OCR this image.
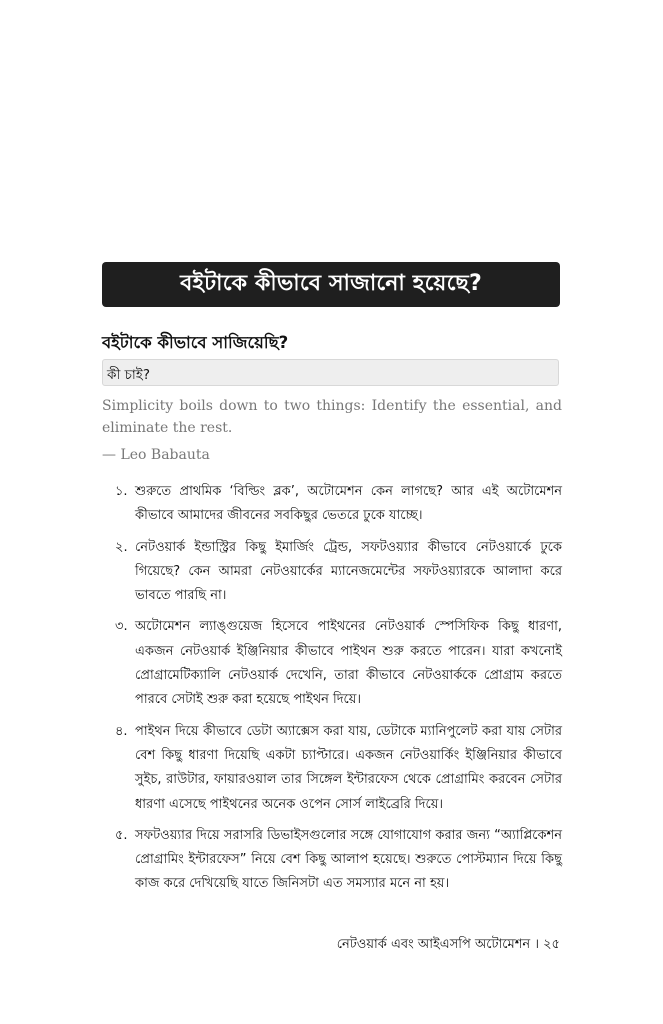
বইটাকে কীভাবে সাজানো হয়েছে?
বইটাকে কীভাবে সাজিয়েছি?
কী চাই?
Simplicity boils down to two things: Identify the essential, and eliminate the rest.
— Leo Babauta
১. শুরুতে প্রাথমিক ‘বিল্ডিং ব্লক’, অটোমেশন কেন লাগছে? আর এই অটোমেশন কীভাবে আমাদের জীবনের সবকিছুর ভেতরে ঢুকে যাচ্ছে।
২. নেটওয়ার্ক ইন্ডাস্ট্রির কিছু ইমার্জিং ট্রেন্ড, সফটওয়্যার কীভাবে নেটওয়ার্কে ঢুকে গিয়েছে? কেন আমরা নেটওয়ার্কের ম্যানেজমেন্টের সফটওয়্যারকে আলাদা করে ভাবতে পারছি না।
৩. অটোমেশন ল্যাঙ্গুয়েজ হিসেবে পাইথনের নেটওয়ার্ক স্পেসিফিক কিছু ধারণা, একজন নেটওয়ার্ক ইঞ্জিনিয়ার কীভাবে পাইথন শুরু করতে পারেন। যারা কখনোই প্রোগ্রামেটিক্যালি নেটওয়ার্ক দেখেনি, তারা কীভাবে নেটওয়ার্ককে প্রোগ্রাম করতে পারবে সেটাই শুরু করা হয়েছে পাইথন দিয়ে।
৪. পাইথন দিয়ে কীভাবে ডেটা অ্যাক্সেস করা যায়, ডেটাকে ম্যানিপুলেট করা যায় সেটার বেশ কিছু ধারণা দিয়েছি একটা চ্যাপ্টারে। একজন নেটওয়ার্কিং ইঞ্জিনিয়ার কীভাবে সুইচ, রাউটার, ফায়ারওয়াল তার সিঙ্গেল ইন্টারফেস থেকে প্রোগ্রামিং করবেন সেটার ধারণা এসেছে পাইথনের অনেক ওপেন সোর্স লাইব্রেরি দিয়ে।
৫. সফটওয়্যার দিয়ে সরাসরি ডিভাইসগুলোর সঙ্গে যোগাযোগ করার জন্য “অ্যাপ্লিকেশন প্রোগ্রামিং ইন্টারফেস” নিয়ে বেশ কিছু আলাপ হয়েছে। শুরুতে পোস্টম্যান দিয়ে কিছু কাজ করে দেখিয়েছি যাতে জিনিসটা এত সমস্যার মনে না হয়।
নেটওয়ার্ক এবং আইএসপি অটোমেশন । ২৫
